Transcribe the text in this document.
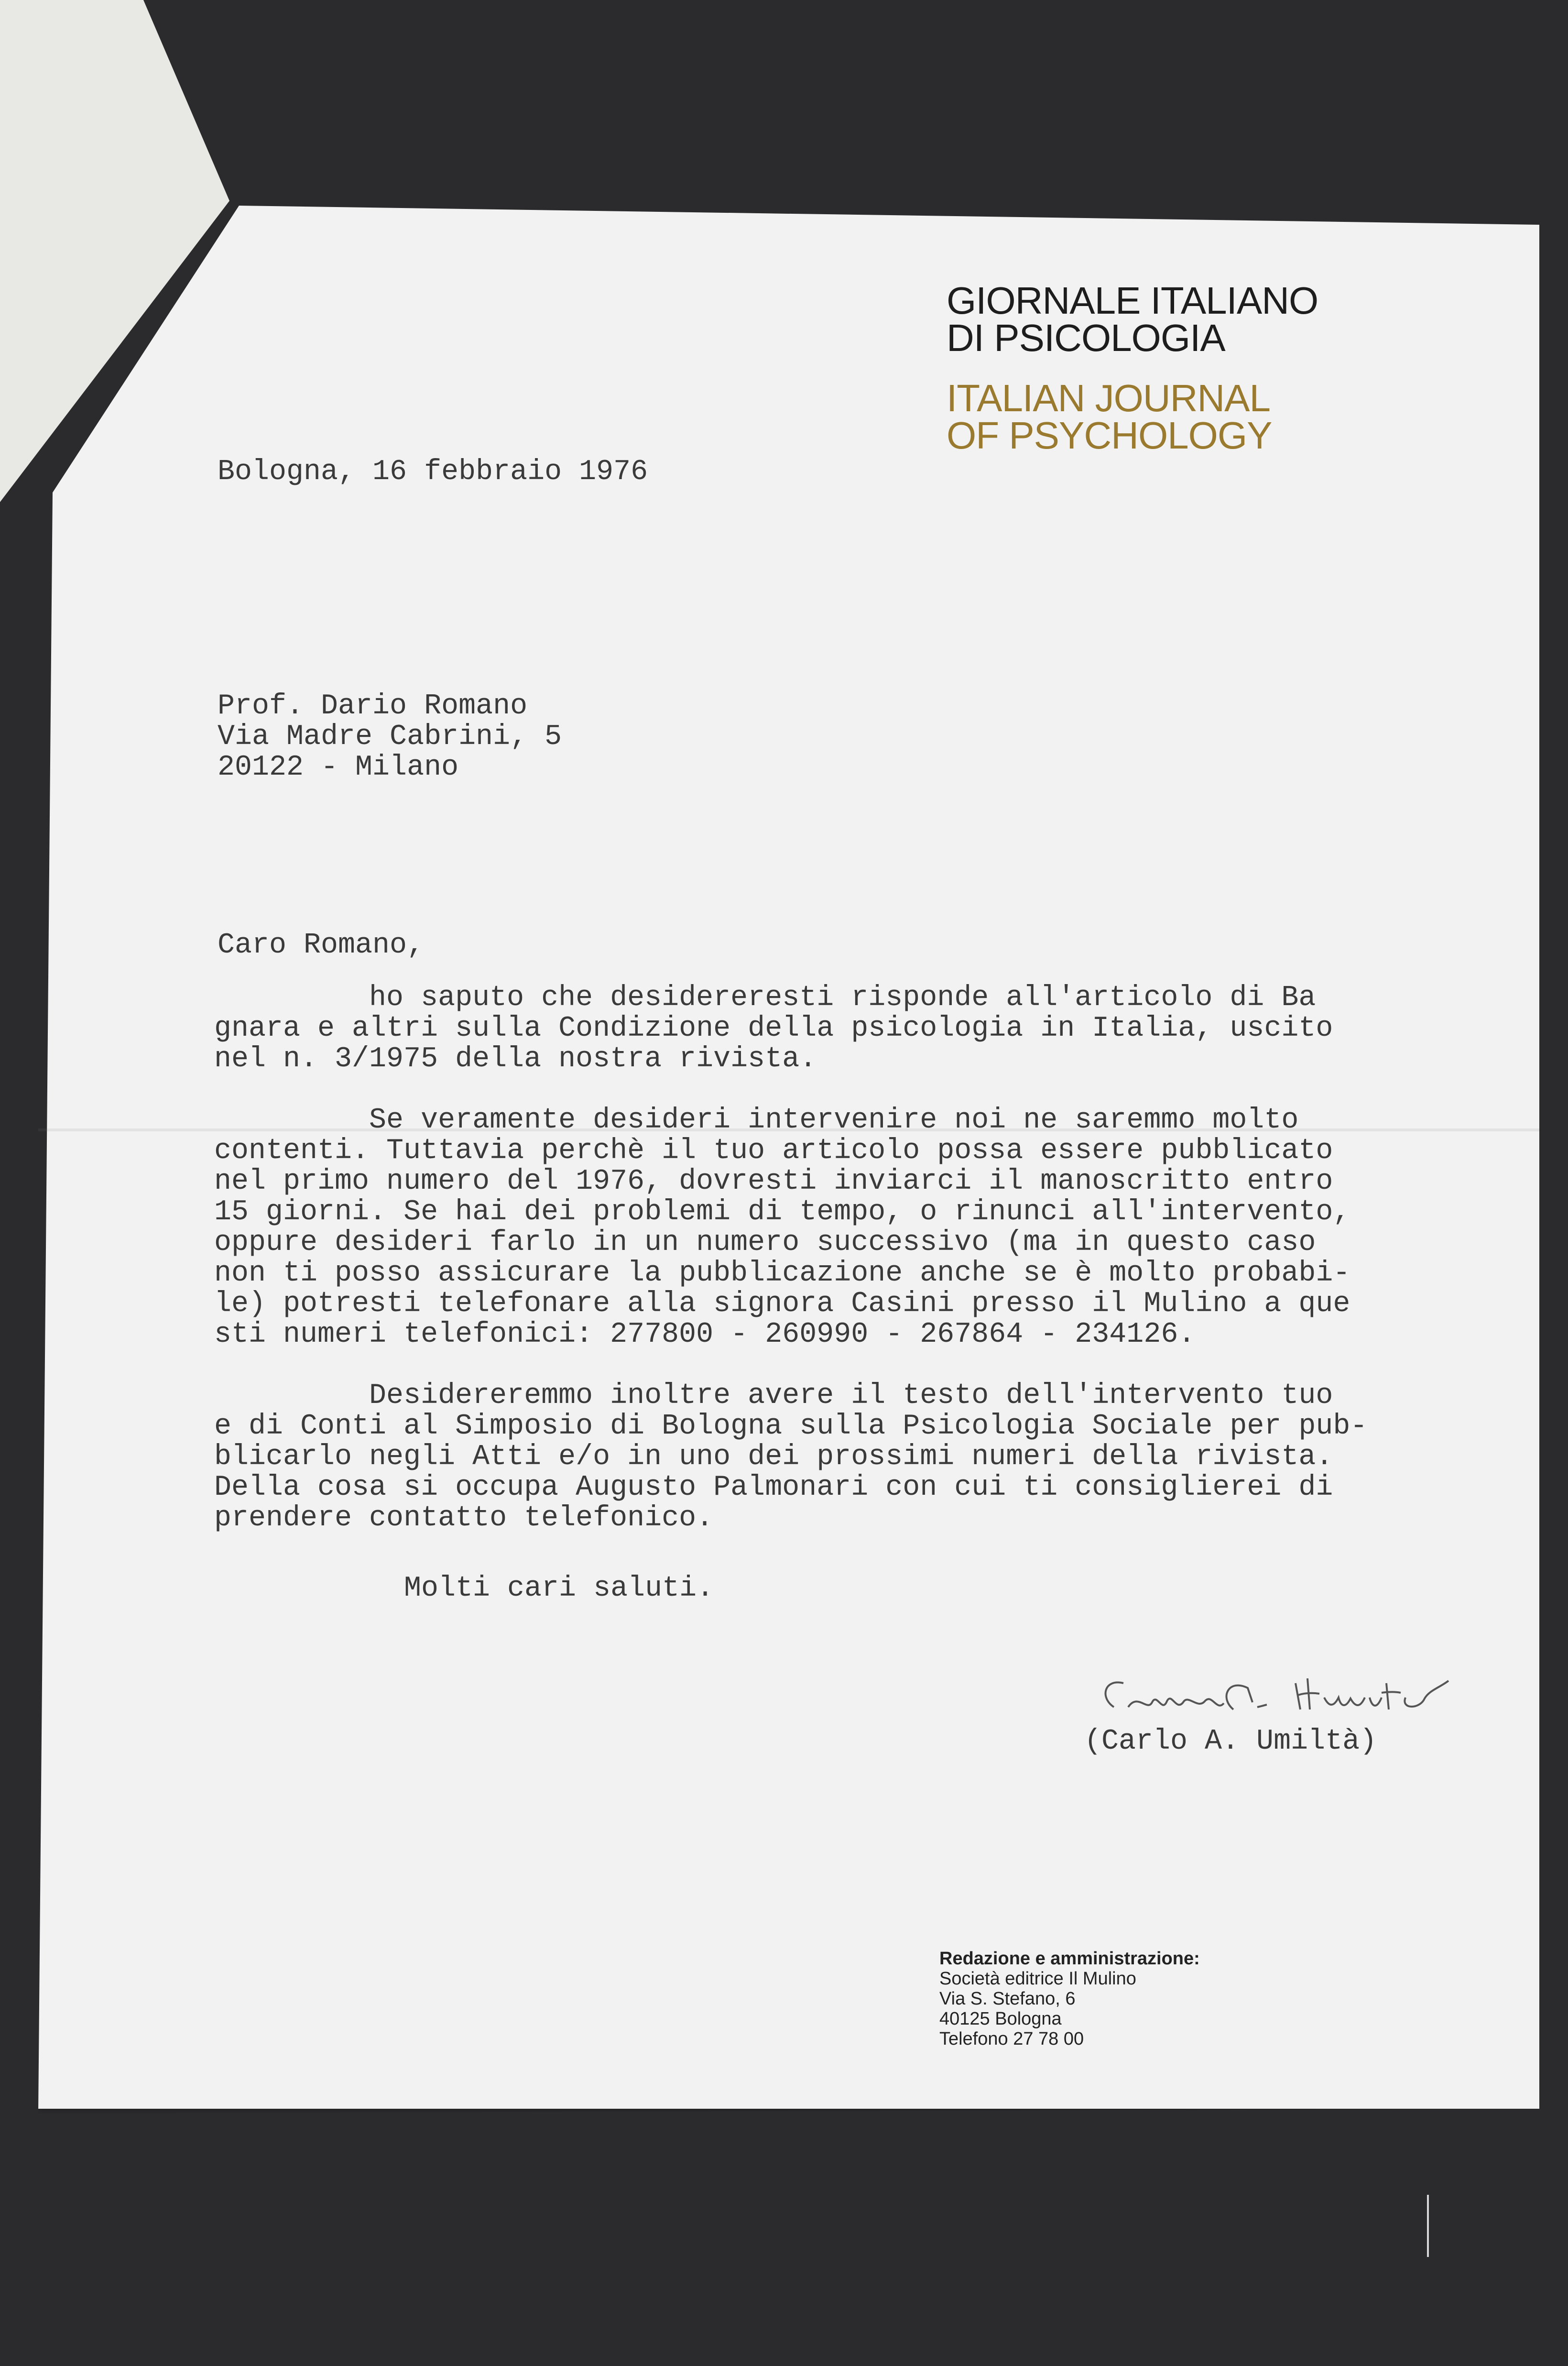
GIORNALE ITALIANO
DI PSICOLOGIA
ITALIAN JOURNAL
OF PSYCHOLOGY
Bologna, 16 febbraio 1976
Prof. Dario Romano
Via Madre Cabrini, 5
20122 - Milano
Caro Romano,
ho saputo che desidereresti risponde all'articolo di Ba
gnara e altri sulla Condizione della psicologia in Italia, uscito
nel n. 3/1975 della nostra rivista.
Se veramente desideri intervenire noi ne saremmo molto
contenti. Tuttavia perchè il tuo articolo possa essere pubblicato
nel primo numero del 1976, dovresti inviarci il manoscritto entro
15 giorni. Se hai dei problemi di tempo, o rinunci all'intervento,
oppure desideri farlo in un numero successivo (ma in questo caso
non ti posso assicurare la pubblicazione anche se è molto probabi-
le) potresti telefonare alla signora Casini presso il Mulino a que
sti numeri telefonici: 277800 - 260990 - 267864 - 234126.
Desidereremmo inoltre avere il testo dell'intervento tuo
e di Conti al Simposio di Bologna sulla Psicologia Sociale per pub-
blicarlo negli Atti e/o in uno dei prossimi numeri della rivista.
Della cosa si occupa Augusto Palmonari con cui ti consiglierei di
prendere contatto telefonico.
Molti cari saluti.
(Carlo A. Umiltà)
Redazione e amministrazione:
Società editrice Il Mulino
Via S. Stefano, 6
40125 Bologna
Telefono 27 78 00
